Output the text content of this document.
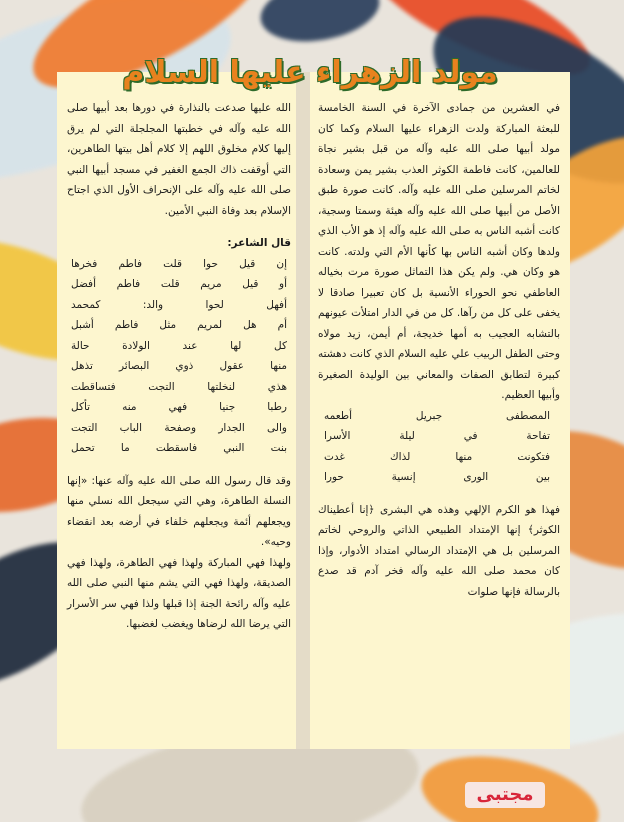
مولد الزهراء عليها السلام

في العشرين من جمادى الآخرة في السنة الخامسة للبعثة المباركة ولدت الزهراء عليها السلام وكما كان مولد أبيها صلى الله عليه وآله من قبل بشير نجاة للعالمين، كانت فاطمة الكوثر العذب بشير يمن وسعادة لخاتم المرسلين صلى الله عليه وآله. كانت صورة طبق الأصل من أبيها صلى الله عليه وآله هيئة وسمتا وسجية، كانت أشبه الناس به صلى الله عليه وآله إذ هو الأب الذي ولدها وكان أشبه الناس بها كأنها الأم التي ولدته. كانت هو وكان هي. ولم يكن هذا التماثل صورة مرت بخياله العاطفي نحو الحوراء الأنسية بل كان تعبيرا صادقا لا يخفى على كل من رآها. كل من في الدار امتلأت عيونهم بالتشابه العجيب به أمها خديجة، أم أيمن، زيد مولاه وحتى الطفل الربيب علي عليه السلام الذي كانت دهشته كبيرة لتطابق الصفات والمعاني بين الوليدة الصغيرة وأبيها العظيم.

المصطفى جبريل أطعمه
تفاحة في ليلة الأسرا
فتكونت منها لذاك غدت
بين الورى إنسية حورا

فهذا هو الكرم الإلهي وهذه هي البشرى ﴿إنا أعطيناك الكوثر﴾ إنها الإمتداد الطبيعي الذاتي والروحي لخاتم المرسلين بل هي الإمتداد الرسالي امتداد الأدوار، وإذا كان محمد صلى الله عليه وآله فخر آدم قد صدع بالرسالة فإنها صلوات

الله عليها صدعت بالنذارة في دورها بعد أبيها صلى الله عليه وآله في خطبتها المجلجلة التي لم يرق إليها كلام مخلوق اللهم إلا كلام أهل بيتها الطاهرين، التي أوقفت ذاك الجمع الغفير في مسجد أبيها النبي صلى الله عليه وآله على الإنحراف الأول الذي اجتاح الإسلام بعد وفاة النبي الأمين.

قال الشاعر:

إن قيل حوا قلت فاطم فخرها
أو قيل مريم قلت فاطم أفضل
أفهل لحوا والد: كمحمد
أم هل لمريم مثل فاطم أشبل
كل لها عند الولادة حالة
منها عقول ذوي البصائر تذهل
هذي لنخلتها التجت فتساقطت
رطبا جنيا فهي منه تأكل
والى الجدار وصفحة الباب التجت
بنت النبي فاسقطت ما تحمل

وقد قال رسول الله صلى الله عليه وآله عنها: «إنها النسلة الطاهرة، وهي التي سيجعل الله نسلي منها ويجعلهم أئمة ويجعلهم خلفاء في أرضه بعد انقضاء وحيه».

ولهذا فهي المباركة ولهذا فهي الطاهرة، ولهذا فهي الصديقة، ولهذا فهي التي يشم منها النبي صلى الله عليه وآله رائحة الجنة إذا قبلها ولذا فهي سر الأسرار التي يرضا الله لرضاها ويغضب لغضبها.

مجتبى
